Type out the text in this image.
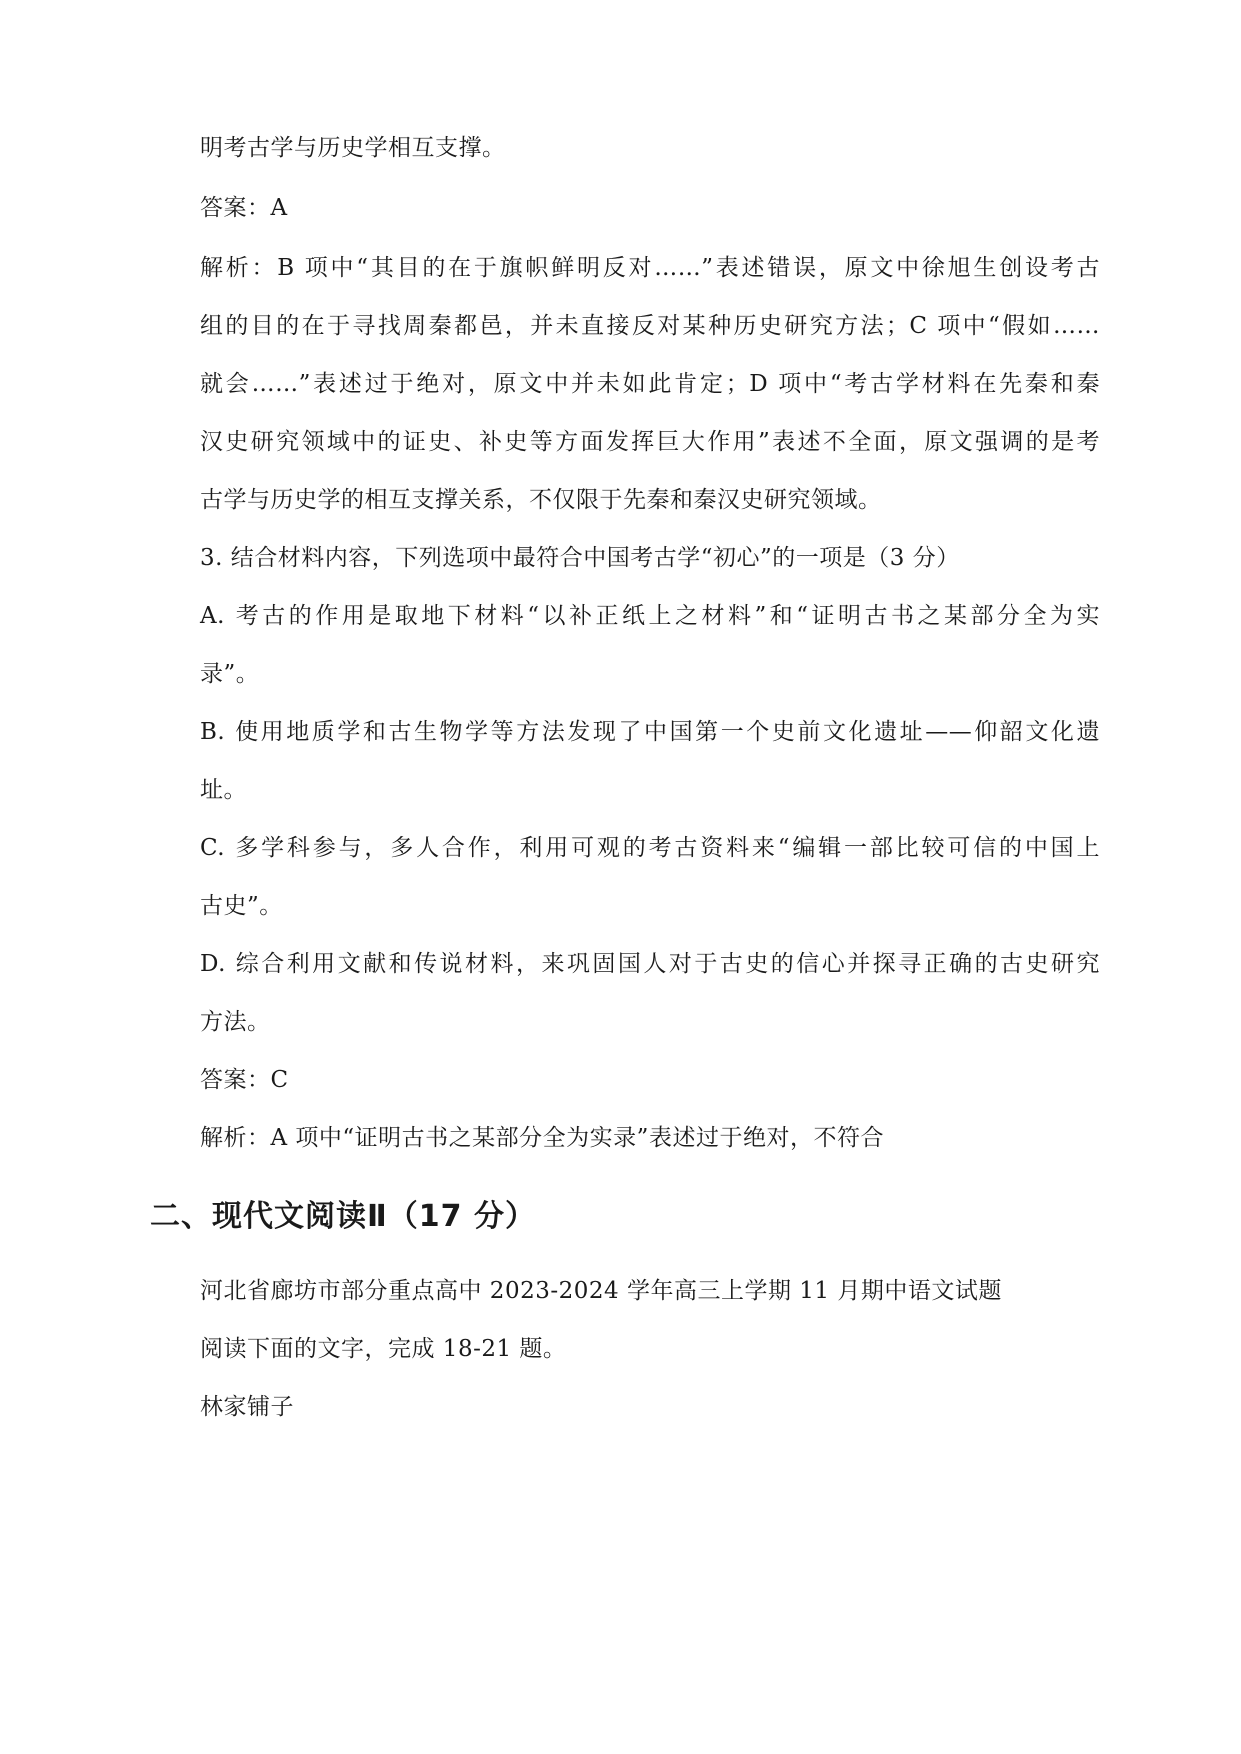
明考古学与历史学相互支撑。
答案：A
解析：B 项中“其目的在于旗帜鲜明反对……”表述错误，原文中徐旭生创设考古
组的目的在于寻找周秦都邑，并未直接反对某种历史研究方法；C 项中“假如……
就会……”表述过于绝对，原文中并未如此肯定；D 项中“考古学材料在先秦和秦
汉史研究领域中的证史、补史等方面发挥巨大作用”表述不全面，原文强调的是考
古学与历史学的相互支撑关系，不仅限于先秦和秦汉史研究领域。
3. 结合材料内容，下列选项中最符合中国考古学“初心”的一项是（3 分）
A. 考古的作用是取地下材料“以补正纸上之材料”和“证明古书之某部分全为实
录”。
B. 使用地质学和古生物学等方法发现了中国第一个史前文化遗址——仰韶文化遗
址。
C. 多学科参与，多人合作，利用可观的考古资料来“编辑一部比较可信的中国上
古史”。
D. 综合利用文献和传说材料，来巩固国人对于古史的信心并探寻正确的古史研究
方法。
答案：C
解析：A 项中“证明古书之某部分全为实录”表述过于绝对，不符合
二、现代文阅读Ⅱ（17 分）
河北省廊坊市部分重点高中 2023-2024 学年高三上学期 11 月期中语文试题
阅读下面的文字，完成 18-21 题。
林家铺子
